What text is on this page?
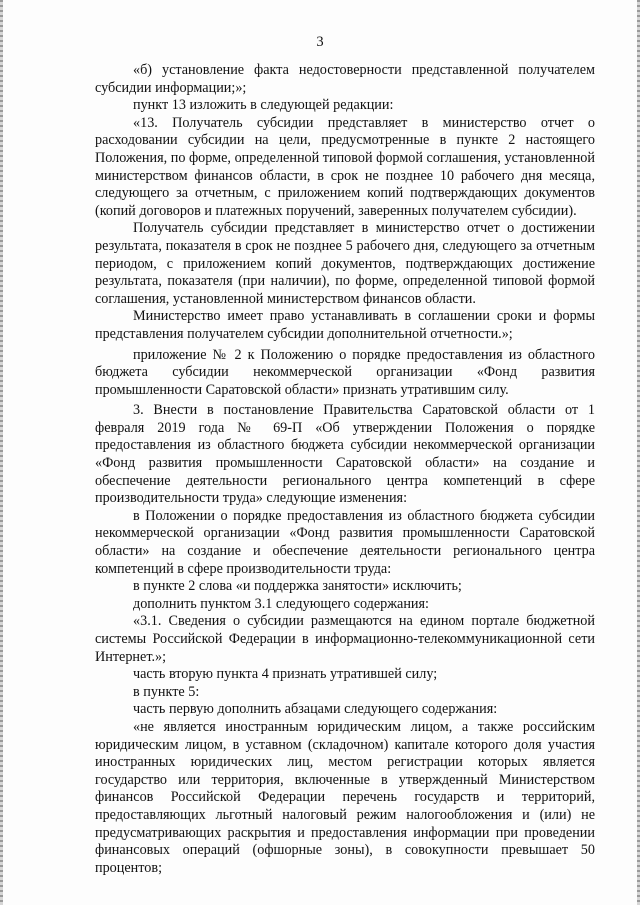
3

«б) установление факта недостоверности представленной получателем субсидии информации;»;

пункт 13 изложить в следующей редакции:

«13. Получатель субсидии представляет в министерство отчет о расходовании субсидии на цели, предусмотренные в пункте 2 настоящего Положения, по форме, определенной типовой формой соглашения, установленной министерством финансов области, в срок не позднее 10 рабочего дня месяца, следующего за отчетным, с приложением копий подтверждающих документов (копий договоров и платежных поручений, заверенных получателем субсидии).

Получатель субсидии представляет в министерство отчет о достижении результата, показателя в срок не позднее 5 рабочего дня, следующего за отчетным периодом, с приложением копий документов, подтверждающих достижение результата, показателя (при наличии), по форме, определенной типовой формой соглашения, установленной министерством финансов области.

Министерство имеет право устанавливать в соглашении сроки и формы представления получателем субсидии дополнительной отчетности.»;

приложение № 2 к Положению о порядке предоставления из областного бюджета субсидии некоммерческой организации «Фонд развития промышленности Саратовской области» признать утратившим силу.

3. Внести в постановление Правительства Саратовской области от 1 февраля 2019 года № 69-П «Об утверждении Положения о порядке предоставления из областного бюджета субсидии некоммерческой организации «Фонд развития промышленности Саратовской области» на создание и обеспечение деятельности регионального центра компетенций в сфере производительности труда» следующие изменения:

в Положении о порядке предоставления из областного бюджета субсидии некоммерческой организации «Фонд развития промышленности Саратовской области» на создание и обеспечение деятельности регионального центра компетенций в сфере производительности труда:

в пункте 2 слова «и поддержка занятости» исключить;

дополнить пунктом 3.1 следующего содержания:

«3.1. Сведения о субсидии размещаются на едином портале бюджетной системы Российской Федерации в информационно-телекоммуникационной сети Интернет.»;

часть вторую пункта 4 признать утратившей силу;

в пункте 5:

часть первую дополнить абзацами следующего содержания:

«не является иностранным юридическим лицом, а также российским юридическим лицом, в уставном (складочном) капитале которого доля участия иностранных юридических лиц, местом регистрации которых является государство или территория, включенные в утвержденный Министерством финансов Российской Федерации перечень государств и территорий, предоставляющих льготный налоговый режим налогообложения и (или) не предусматривающих раскрытия и предоставления информации при проведении финансовых операций (офшорные зоны), в совокупности превышает 50 процентов;
